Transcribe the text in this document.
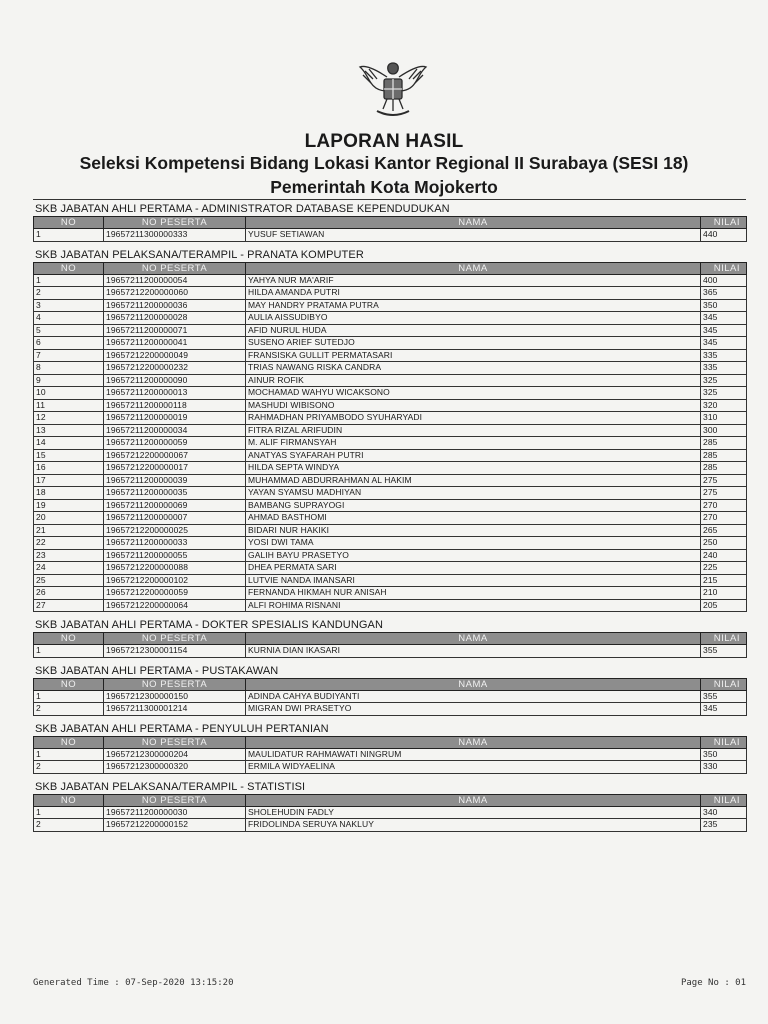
LAPORAN HASIL
Seleksi Kompetensi Bidang Lokasi Kantor Regional II Surabaya (SESI 18)
Pemerintah Kota Mojokerto
SKB JABATAN AHLI PERTAMA - ADMINISTRATOR DATABASE KEPENDUDUKAN
NO	NO PESERTA	NAMA	NILAI
1	19657211300000333	YUSUF SETIAWAN	440
SKB JABATAN PELAKSANA/TERAMPIL - PRANATA KOMPUTER
NO	NO PESERTA	NAMA	NILAI
1	19657211200000054	YAHYA NUR MA'ARIF	400
2	19657212200000060	HILDA AMANDA PUTRI	365
3	19657211200000036	MAY HANDRY PRATAMA PUTRA	350
4	19657211200000028	AULIA AISSUDIBYO	345
5	19657211200000071	AFID NURUL HUDA	345
6	19657211200000041	SUSENO ARIEF SUTEDJO	345
7	19657212200000049	FRANSISKA GULLIT PERMATASARI	335
8	19657212200000232	TRIAS NAWANG RISKA CANDRA	335
9	19657211200000090	AINUR ROFIK	325
10	19657211200000013	MOCHAMAD WAHYU WICAKSONO	325
11	19657211200000118	MASHUDI WIBISONO	320
12	19657211200000019	RAHMADHAN PRIYAMBODO SYUHARYADI	310
13	19657211200000034	FITRA RIZAL ARIFUDIN	300
14	19657211200000059	M. ALIF FIRMANSYAH	285
15	19657212200000067	ANATYAS SYAFARAH PUTRI	285
16	19657212200000017	HILDA SEPTA WINDYA	285
17	19657211200000039	MUHAMMAD ABDURRAHMAN AL HAKIM	275
18	19657211200000035	YAYAN SYAMSU MADHIYAN	275
19	19657211200000069	BAMBANG SUPRAYOGI	270
20	19657211200000007	AHMAD BASTHOMI	270
21	19657212200000025	BIDARI NUR HAKIKI	265
22	19657211200000033	YOSI DWI TAMA	250
23	19657211200000055	GALIH BAYU PRASETYO	240
24	19657212200000088	DHEA PERMATA SARI	225
25	19657212200000102	LUTVIE NANDA IMANSARI	215
26	19657212200000059	FERNANDA HIKMAH NUR ANISAH	210
27	19657212200000064	ALFI ROHIMA RISNANI	205
SKB JABATAN AHLI PERTAMA - DOKTER SPESIALIS KANDUNGAN
NO	NO PESERTA	NAMA	NILAI
1	19657212300001154	KURNIA DIAN IKASARI	355
SKB JABATAN AHLI PERTAMA - PUSTAKAWAN
NO	NO PESERTA	NAMA	NILAI
1	19657212300000150	ADINDA CAHYA BUDIYANTI	355
2	19657211300001214	MIGRAN DWI PRASETYO	345
SKB JABATAN AHLI PERTAMA - PENYULUH PERTANIAN
NO	NO PESERTA	NAMA	NILAI
1	19657212300000204	MAULIDATUR RAHMAWATI NINGRUM	350
2	19657212300000320	ERMILA WIDYAELINA	330
SKB JABATAN PELAKSANA/TERAMPIL - STATISTISI
NO	NO PESERTA	NAMA	NILAI
1	19657211200000030	SHOLEHUDIN FADLY	340
2	19657212200000152	FRIDOLINDA SERUYA NAKLUY	235
Generated Time : 07-Sep-2020 13:15:20	Page No : 01
